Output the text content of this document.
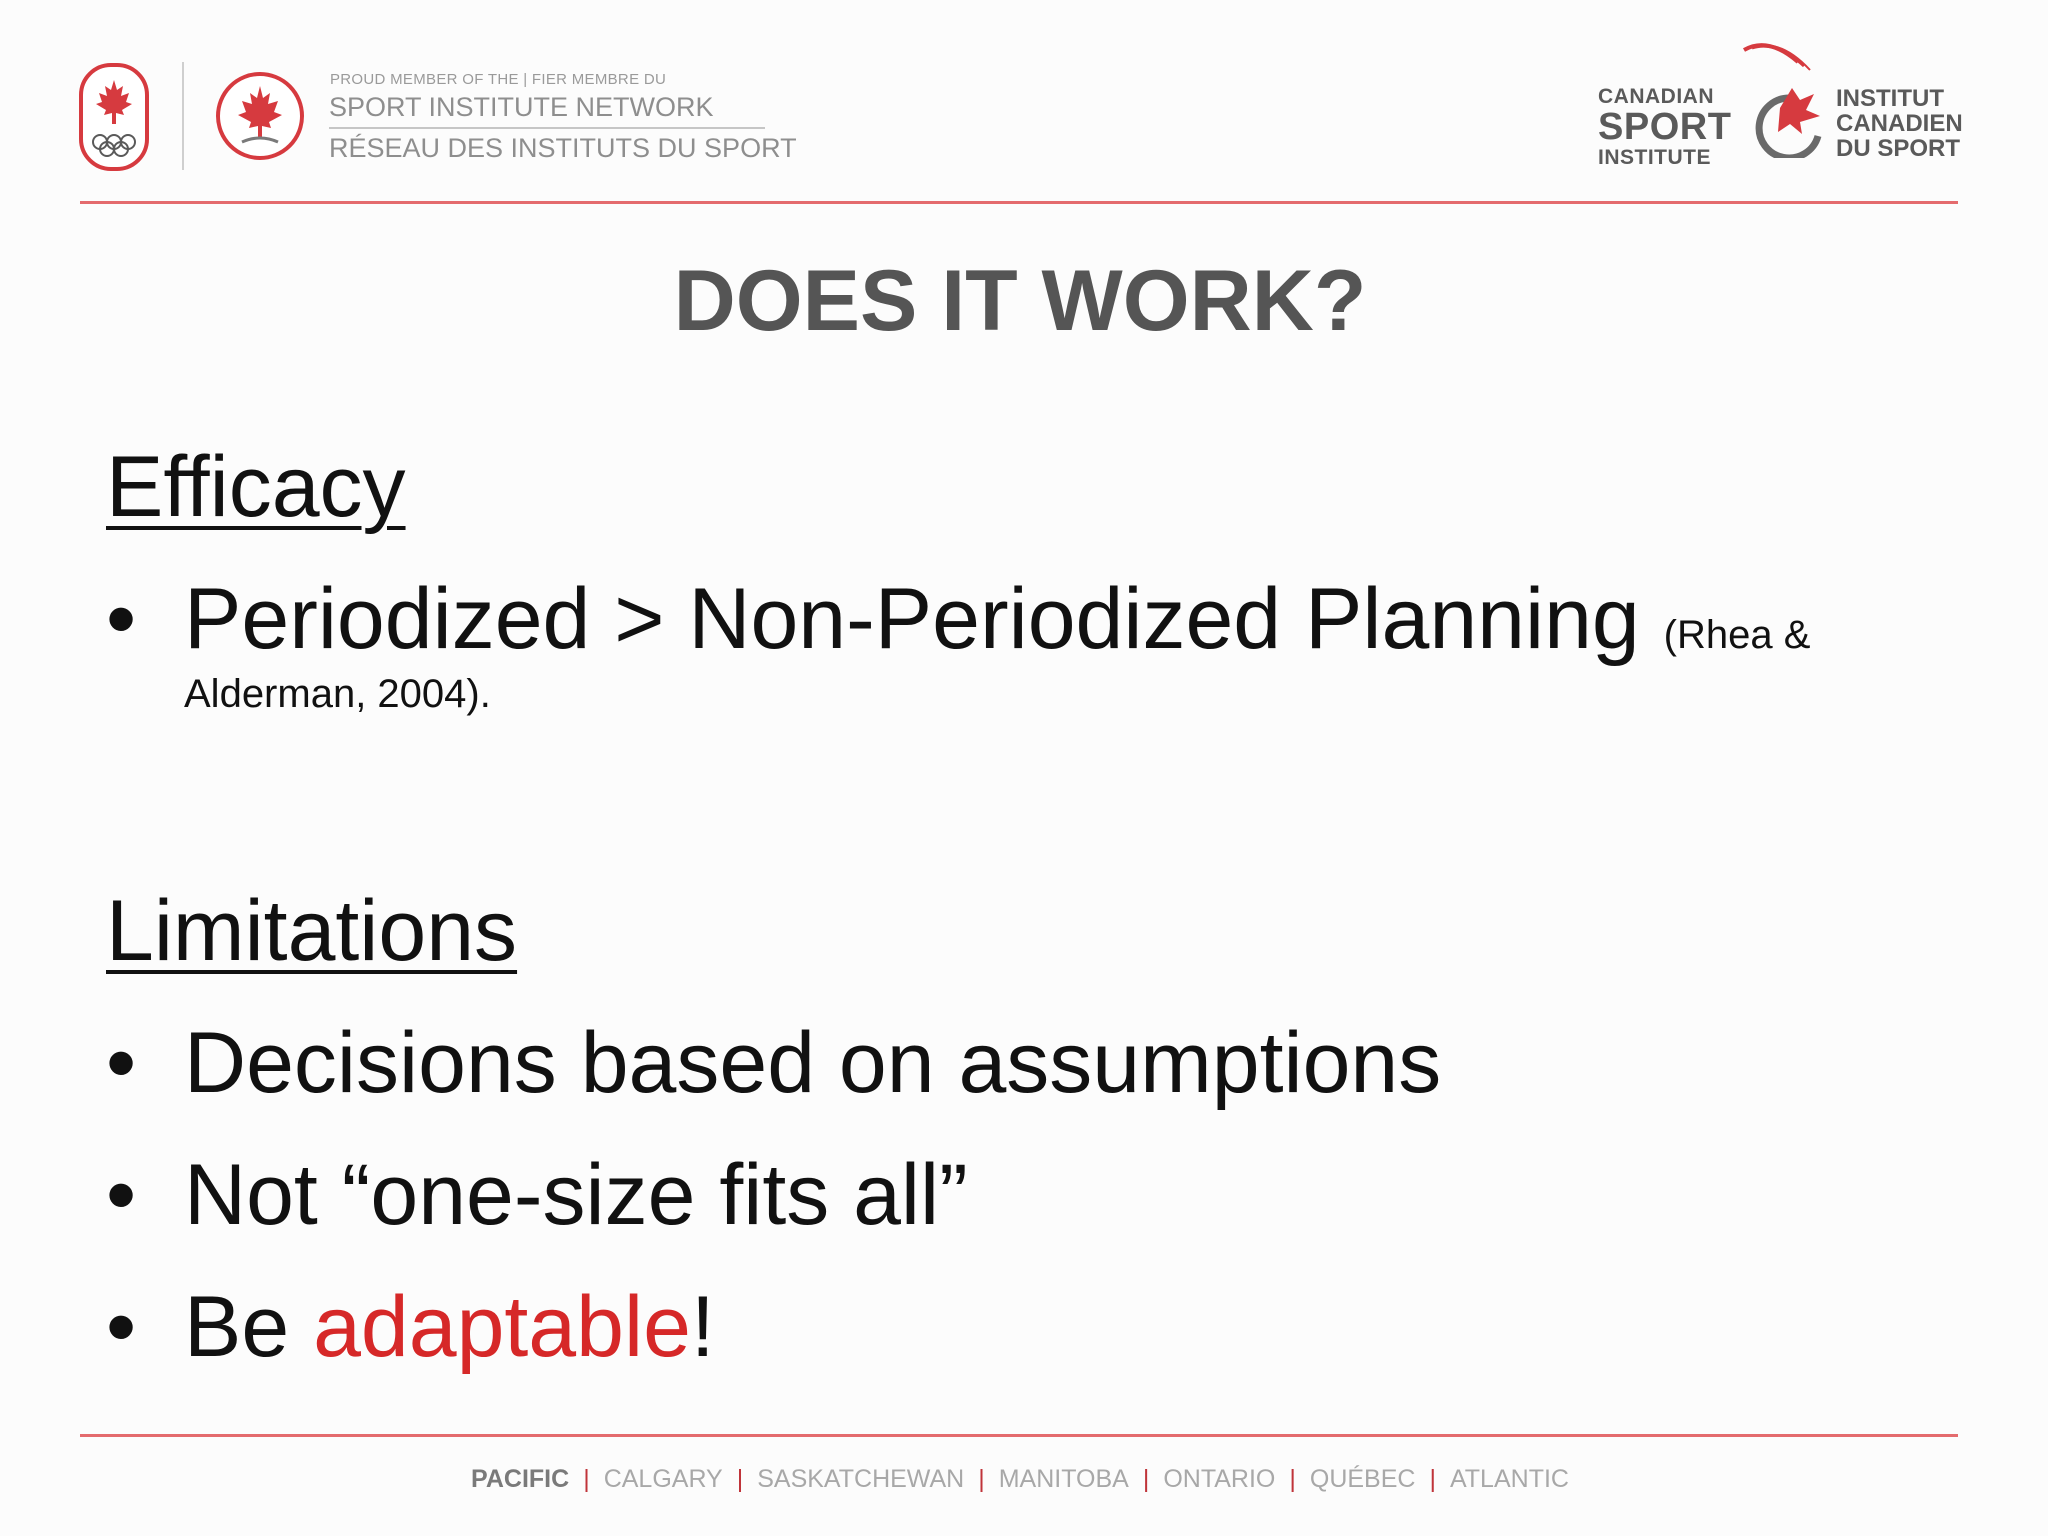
PROUD MEMBER OF THE | FIER MEMBRE DU
SPORT INSTITUTE NETWORK
RÉSEAU DES INSTITUTS DU SPORT
CANADIAN
SPORT
INSTITUTE
INSTITUT
CANADIEN
DU SPORT
DOES IT WORK?
Efficacy
• Periodized > Non-Periodized Planning (Rhea &
Alderman, 2004).
Limitations
• Decisions based on assumptions
• Not “one-size fits all”
• Be adaptable!
PACIFIC | CALGARY | SASKATCHEWAN | MANITOBA | ONTARIO | QUÉBEC | ATLANTIC
